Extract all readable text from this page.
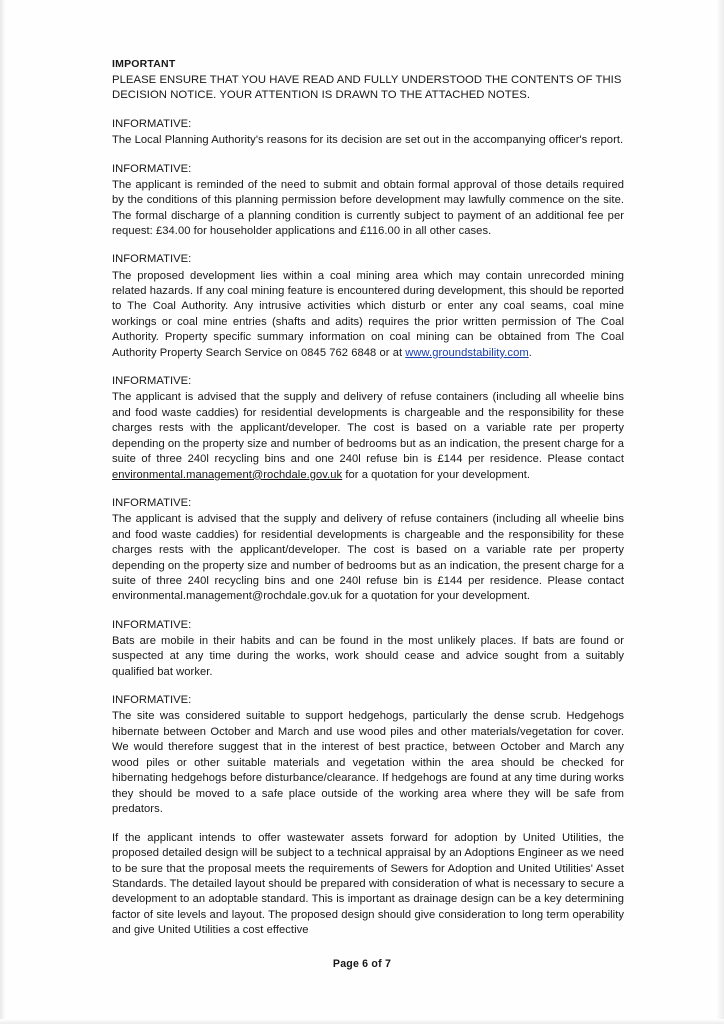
IMPORTANT

PLEASE ENSURE THAT YOU HAVE READ AND FULLY UNDERSTOOD THE CONTENTS OF THIS DECISION NOTICE. YOUR ATTENTION IS DRAWN TO THE ATTACHED NOTES.

INFORMATIVE:

The Local Planning Authority's reasons for its decision are set out in the accompanying officer's report.

INFORMATIVE:

The applicant is reminded of the need to submit and obtain formal approval of those details required by the conditions of this planning permission before development may lawfully commence on the site. The formal discharge of a planning condition is currently subject to payment of an additional fee per request: £34.00 for householder applications and £116.00 in all other cases.

INFORMATIVE:

The proposed development lies within a coal mining area which may contain unrecorded mining related hazards. If any coal mining feature is encountered during development, this should be reported to The Coal Authority. Any intrusive activities which disturb or enter any coal seams, coal mine workings or coal mine entries (shafts and adits) requires the prior written permission of The Coal Authority. Property specific summary information on coal mining can be obtained from The Coal Authority Property Search Service on 0845 762 6848 or at www.groundstability.com.

INFORMATIVE:

The applicant is advised that the supply and delivery of refuse containers (including all wheelie bins and food waste caddies) for residential developments is chargeable and the responsibility for these charges rests with the applicant/developer. The cost is based on a variable rate per property depending on the property size and number of bedrooms but as an indication, the present charge for a suite of three 240l recycling bins and one 240l refuse bin is £144 per residence. Please contact environmental.management@rochdale.gov.uk for a quotation for your development.

INFORMATIVE:

The applicant is advised that the supply and delivery of refuse containers (including all wheelie bins and food waste caddies) for residential developments is chargeable and the responsibility for these charges rests with the applicant/developer. The cost is based on a variable rate per property depending on the property size and number of bedrooms but as an indication, the present charge for a suite of three 240l recycling bins and one 240l refuse bin is £144 per residence. Please contact environmental.management@rochdale.gov.uk for a quotation for your development.

INFORMATIVE:

Bats are mobile in their habits and can be found in the most unlikely places. If bats are found or suspected at any time during the works, work should cease and advice sought from a suitably qualified bat worker.

INFORMATIVE:

The site was considered suitable to support hedgehogs, particularly the dense scrub. Hedgehogs hibernate between October and March and use wood piles and other materials/vegetation for cover. We would therefore suggest that in the interest of best practice, between October and March any wood piles or other suitable materials and vegetation within the area should be checked for hibernating hedgehogs before disturbance/clearance. If hedgehogs are found at any time during works they should be moved to a safe place outside of the working area where they will be safe from predators.

If the applicant intends to offer wastewater assets forward for adoption by United Utilities, the proposed detailed design will be subject to a technical appraisal by an Adoptions Engineer as we need to be sure that the proposal meets the requirements of Sewers for Adoption and United Utilities' Asset Standards. The detailed layout should be prepared with consideration of what is necessary to secure a development to an adoptable standard. This is important as drainage design can be a key determining factor of site levels and layout. The proposed design should give consideration to long term operability and give United Utilities a cost effective

Page 6 of 7
